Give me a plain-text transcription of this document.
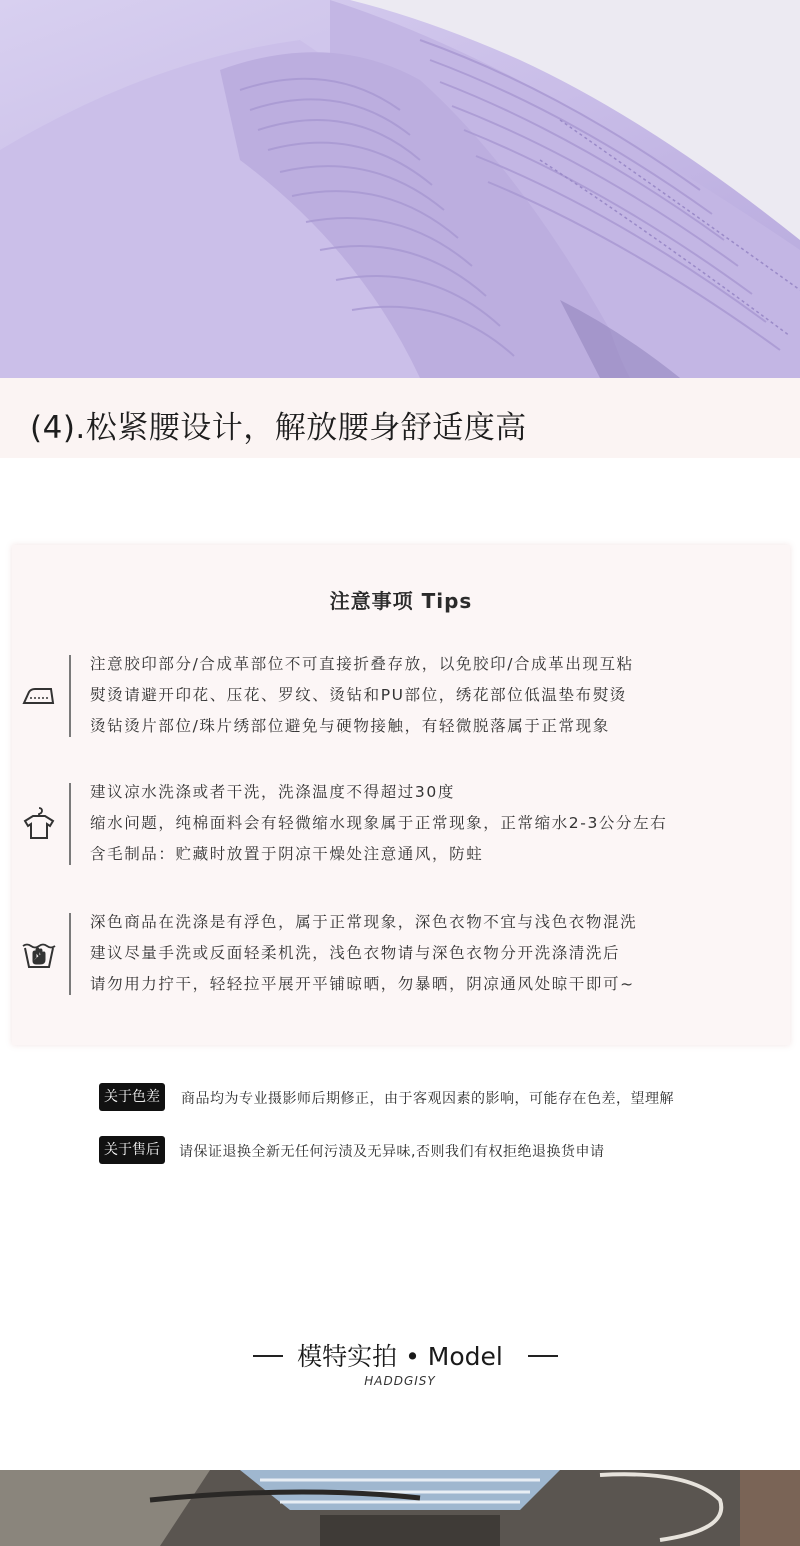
(4).松紧腰设计，解放腰身舒适度高
注意事项 Tips
注意胶印部分/合成革部位不可直接折叠存放，以免胶印/合成革出现互粘
熨烫请避开印花、压花、罗纹、烫钻和PU部位，绣花部位低温垫布熨烫
烫钻烫片部位/珠片绣部位避免与硬物接触，有轻微脱落属于正常现象
建议凉水洗涤或者干洗，洗涤温度不得超过30度
缩水问题，纯棉面料会有轻微缩水现象属于正常现象，正常缩水2-3公分左右
含毛制品：贮藏时放置于阴凉干燥处注意通风，防蛀
深色商品在洗涤是有浮色，属于正常现象，深色衣物不宜与浅色衣物混洗
建议尽量手洗或反面轻柔机洗，浅色衣物请与深色衣物分开洗涤清洗后
请勿用力拧干，轻轻拉平展开平铺晾晒，勿暴晒，阴凉通风处晾干即可~
关于色差	商品均为专业摄影师后期修正，由于客观因素的影响，可能存在色差，望理解
关于售后	请保证退换全新无任何污渍及无异味,否则我们有权拒绝退换货申请
模特实拍 • Model
HADDGISY
